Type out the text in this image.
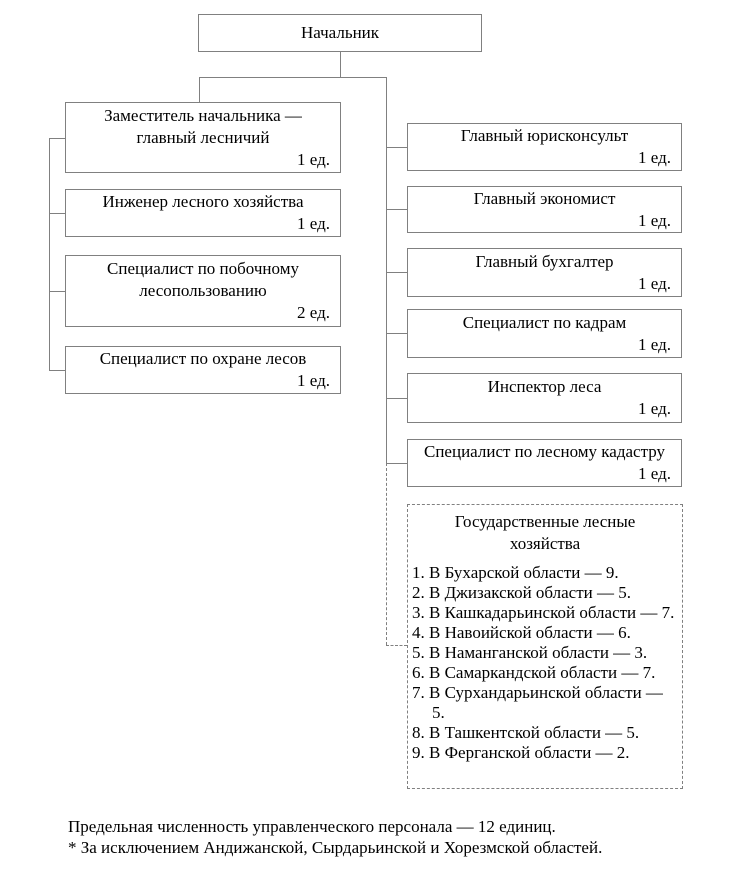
Начальник
Заместитель начальника —
главный лесничий
1 ед.
Инженер лесного хозяйства
1 ед.
Специалист по побочному
лесопользованию
2 ед.
Специалист по охране лесов
1 ед.
Главный юрисконсульт
1 ед.
Главный экономист
1 ед.
Главный бухгалтер
1 ед.
Специалист по кадрам
1 ед.
Инспектор леса
1 ед.
Специалист по лесному кадастру
1 ед.
Государственные лесные
хозяйства
1. В Бухарской области — 9.
2. В Джизакской области — 5.
3. В Кашкадарьинской области — 7.
4. В Навоийской области — 6.
5. В Наманганской области — 3.
6. В Самаркандской области — 7.
7. В Сурхандарьинской области — 5.
8. В Ташкентской области — 5.
9. В Ферганской области — 2.
Предельная численность управленческого персонала — 12 единиц.
* За исключением Андижанской, Сырдарьинской и Хорезмской областей.
